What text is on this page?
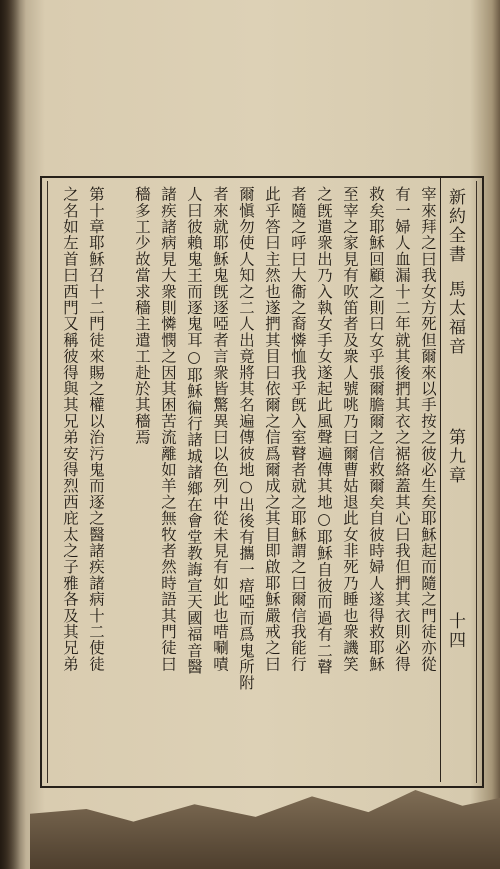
新約全書
馬太福音
第九章
十四
宰來拜之曰我女方死但爾來以手按之彼必生矣耶穌起而隨之門徒亦從
有一婦人血漏十二年就其後捫其衣之裾絡蓋其心曰我但捫其衣則必得
救矣耶穌回顧之則曰女乎張爾膽爾之信救爾矣自彼時婦人遂得救耶穌
至宰之家見有吹笛者及衆人號咷乃曰爾曹姑退此女非死乃睡也衆譏笑
之旣遣衆出乃入執女手女遂起此風聲遍傳其地○耶穌自彼而過有二瞽
者隨之呼曰大衞之裔憐恤我乎旣入室瞽者就之耶穌謂之曰爾信我能行
此乎答曰主然也遂捫其目曰依爾之信爲爾成之其目即啟耶穌嚴戒之曰
爾愼勿使人知之二人出竟將其名遍傳彼地○出後有攜一瘖啞而爲鬼所附
者來就耶穌鬼旣逐啞者言衆皆驚異曰以色列中從未見有如此也唶唰嘖
人曰彼賴鬼王而逐鬼耳○耶穌徧行諸城諸鄉在會堂教誨宣天國福音醫
諸疾諸病見大衆則憐憫之因其困苦流離如羊之無牧者然時語其門徒曰
穡多工少故當求穡主遣工赴於其穡焉
第十章耶穌召十二門徒來賜之權以治污鬼而逐之醫諸疾諸病十二使徒
之名如左首曰西門又稱彼得與其兄弟安得烈西庇太之子雅各及其兄弟
